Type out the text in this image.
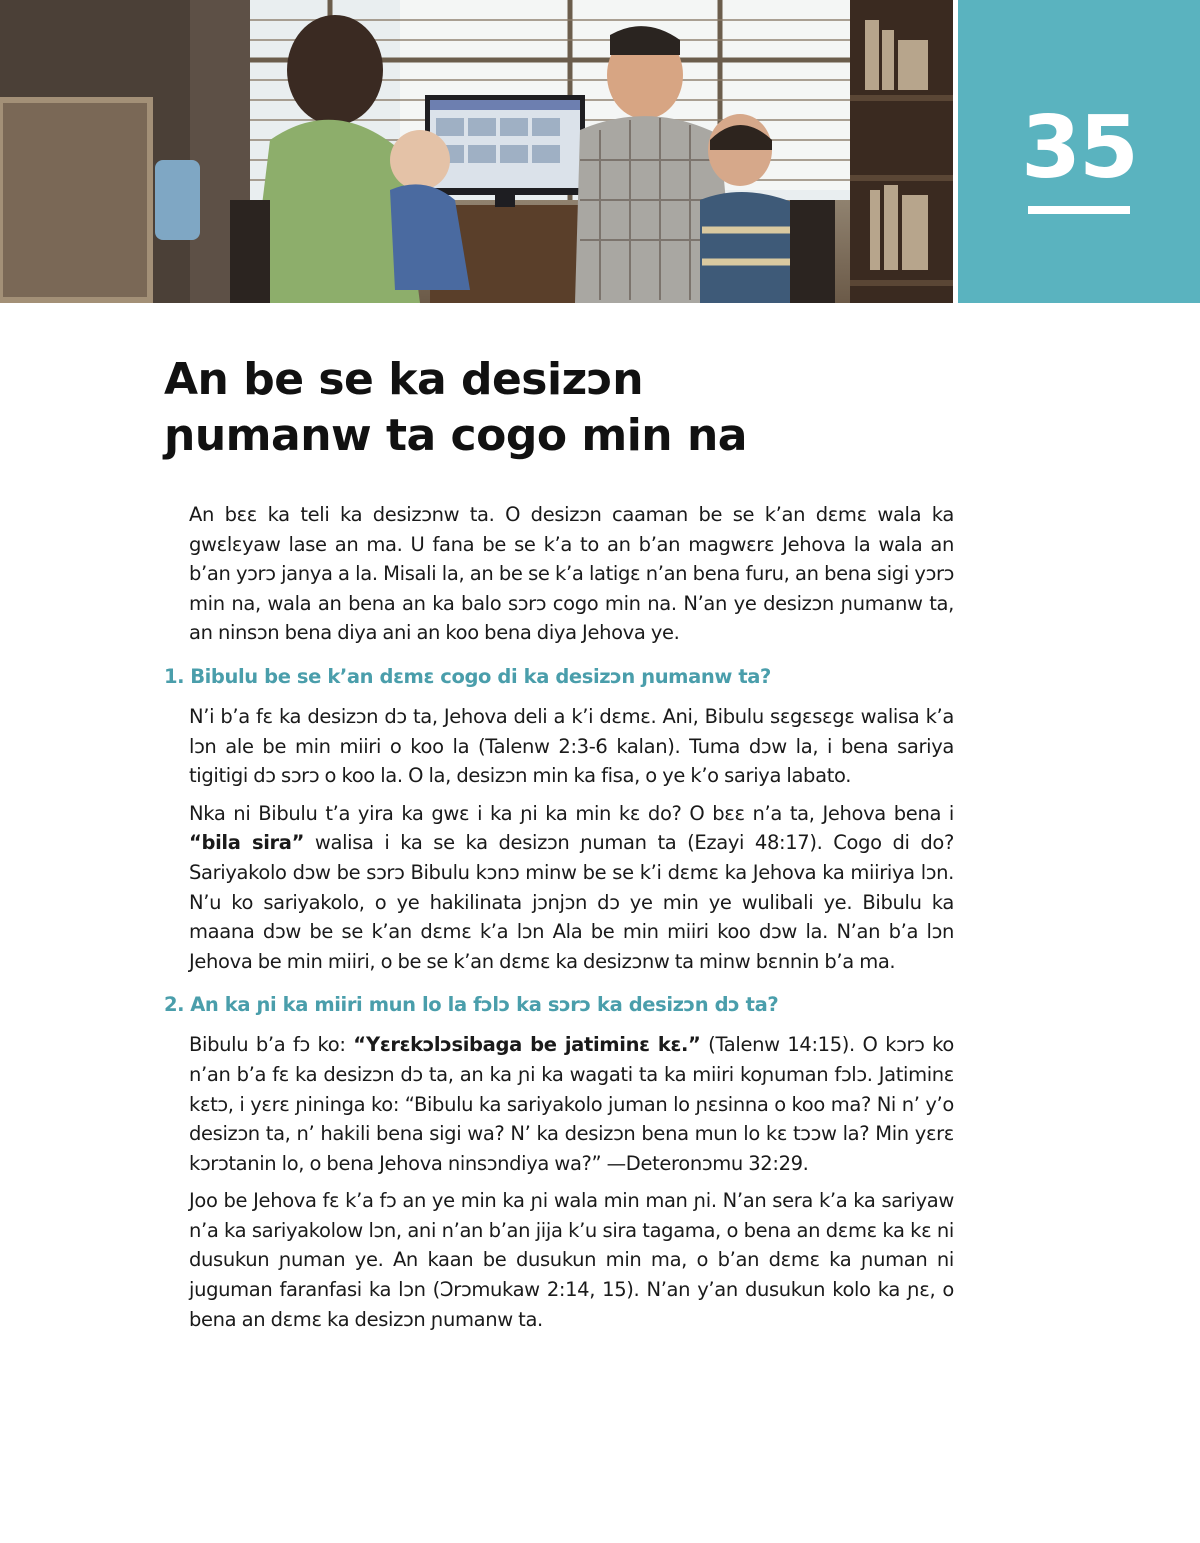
35
An be se ka desizɔn
ɲumanw ta cogo min na

An bɛɛ ka teli ka desizɔnw ta. O desizɔn caaman be se k’an dɛmɛ wala ka gwɛlɛyaw lase an ma. U fana be se k’a to an b’an magwɛrɛ Jehova la wala an b’an yɔrɔ janya a la. Misali la, an be se k’a latigɛ n’an bena furu, an bena sigi yɔrɔ min na, wala an bena an ka balo sɔrɔ cogo min na. N’an ye desizɔn ɲumanw ta, an ninsɔn bena diya ani an koo bena diya Jehova ye.

1. Bibulu be se k’an dɛmɛ cogo di ka desizɔn ɲumanw ta?

N’i b’a fɛ ka desizɔn dɔ ta, Jehova deli a k’i dɛmɛ. Ani, Bibulu sɛgɛsɛgɛ walisa k’a lɔn ale be min miiri o koo la (Talenw 2:3-6 kalan). Tuma dɔw la, i bena sariya tigitigi dɔ sɔrɔ o koo la. O la, desizɔn min ka fisa, o ye k’o sariya labato.

Nka ni Bibulu t’a yira ka gwɛ i ka ɲi ka min kɛ do? O bɛɛ n’a ta, Jehova bena i “bila sira” walisa i ka se ka desizɔn ɲuman ta (Ezayi 48:17). Cogo di do? Sariyakolo dɔw be sɔrɔ Bibulu kɔnɔ minw be se k’i dɛmɛ ka Jehova ka miiriya lɔn. N’u ko sariyakolo, o ye hakilinata jɔnjɔn dɔ ye min ye wulibali ye. Bibulu ka maana dɔw be se k’an dɛmɛ k’a lɔn Ala be min miiri koo dɔw la. N’an b’a lɔn Jehova be min miiri, o be se k’an dɛmɛ ka desizɔnw ta minw bɛnnin b’a ma.

2. An ka ɲi ka miiri mun lo la fɔlɔ ka sɔrɔ ka desizɔn dɔ ta?

Bibulu b’a fɔ ko: “Yɛrɛkɔlɔsibaga be jatiminɛ kɛ.” (Talenw 14:15). O kɔrɔ ko n’an b’a fɛ ka desizɔn dɔ ta, an ka ɲi ka wagati ta ka miiri koɲuman fɔlɔ. Jatiminɛ kɛtɔ, i yɛrɛ ɲininga ko: “Bibulu ka sariyakolo juman lo ɲɛsinna o koo ma? Ni n’ y’o desizɔn ta, n’ hakili bena sigi wa? N’ ka desizɔn bena mun lo kɛ tɔɔw la? Min yɛrɛ kɔrɔtanin lo, o bena Jehova ninsɔndiya wa?” —Deteronɔmu 32:29.

Joo be Jehova fɛ k’a fɔ an ye min ka ɲi wala min man ɲi. N’an sera k’a ka sariyaw n’a ka sariyakolow lɔn, ani n’an b’an jija k’u sira tagama, o bena an dɛmɛ ka kɛ ni dusukun ɲuman ye. An kaan be dusukun min ma, o b’an dɛmɛ ka ɲuman ni juguman faranfasi ka lɔn (Ɔrɔmukaw 2:14, 15). N’an y’an dusukun kolo ka ɲɛ, o bena an dɛmɛ ka desizɔn ɲumanw ta.
